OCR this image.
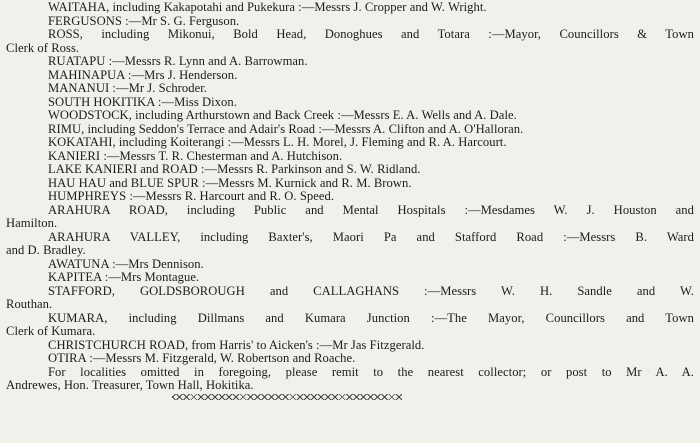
WAITAHA, including Kakapotahi and Pukekura :—Messrs J. Cropper and W. Wright.
FERGUSONS :—Mr S. G. Ferguson.
ROSS, including Mikonui, Bold Head, Donoghues and Totara :—Mayor, Councillors & Town
Clerk of Ross.
RUATAPU :—Messrs R. Lynn and A. Barrowman.
MAHINAPUA :—Mrs J. Henderson.
MANANUI :—Mr J. Schroder.
SOUTH HOKITIKA :—Miss Dixon.
WOODSTOCK, including Arthurstown and Back Creek :—Messrs E. A. Wells and A. Dale.
RIMU, including Seddon's Terrace and Adair's Road :—Messrs A. Clifton and A. O'Halloran.
KOKATAHI, including Koiterangi :—Messrs L. H. Morel, J. Fleming and R. A. Harcourt.
KANIERI :—Messrs T. R. Chesterman and A. Hutchison.
LAKE KANIERI and ROAD :—Messrs R. Parkinson and S. W. Ridland.
HAU HAU and BLUE SPUR :—Messrs M. Kurnick and R. M. Brown.
HUMPHREYS :—Messrs R. Harcourt and R. O. Speed.
ARAHURA ROAD, including Public and Mental Hospitals :—Mesdames W. J. Houston and
Hamilton.
ARAHURA VALLEY, including Baxter's, Maori Pa and Stafford Road :—Messrs B. Ward
and D. Bradley.
AWATUNA :—Mrs Dennison.
KAPITEA :—Mrs Montague.
STAFFORD, GOLDSBOROUGH and CALLAGHANS :—Messrs W. H. Sandle and W.
Routhan.
KUMARA, including Dillmans and Kumara Junction :—The Mayor, Councillors and Town
Clerk of Kumara.
CHRISTCHURCH ROAD, from Harris' to Aicken's :—Mr Jas Fitzgerald.
OTIRA :—Messrs M. Fitzgerald, W. Robertson and Roache.
For localities omitted in foregoing, please remit to the nearest collector; or post to Mr A. A.
Andrewes, Hon. Treasurer, Town Hall, Hokitika.
